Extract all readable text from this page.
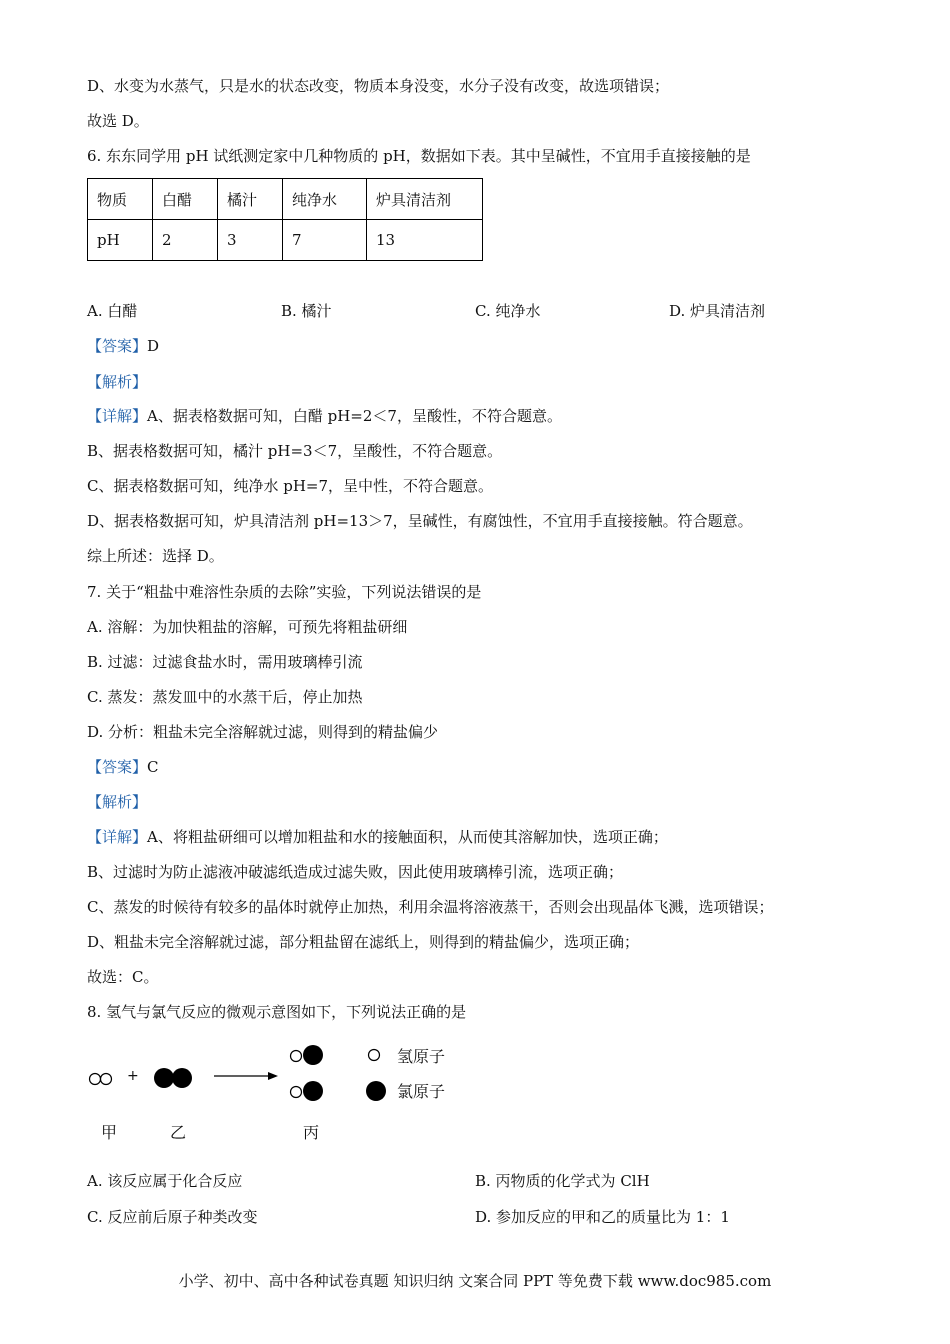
D、水变为水蒸气，只是水的状态改变，物质本身没变，水分子没有改变，故选项错误；
故选 D。
6. 东东同学用 pH 试纸测定家中几种物质的 pH，数据如下表。其中呈碱性，不宜用手直接接触的是
物质	白醋	橘汁	纯净水	炉具清洁剂
pH	2	3	7	13
A. 白醋	B. 橘汁	C. 纯净水	D. 炉具清洁剂
【答案】D
【解析】
【详解】A、据表格数据可知，白醋 pH=2＜7，呈酸性，不符合题意。
B、据表格数据可知，橘汁 pH=3＜7，呈酸性，不符合题意。
C、据表格数据可知，纯净水 pH=7，呈中性，不符合题意。
D、据表格数据可知，炉具清洁剂 pH=13＞7，呈碱性，有腐蚀性，不宜用手直接接触。符合题意。
综上所述：选择 D。
7. 关于“粗盐中难溶性杂质的去除”实验，下列说法错误的是
A. 溶解：为加快粗盐的溶解，可预先将粗盐研细
B. 过滤：过滤食盐水时，需用玻璃棒引流
C. 蒸发：蒸发皿中的水蒸干后，停止加热
D. 分析：粗盐未完全溶解就过滤，则得到的精盐偏少
【答案】C
【解析】
【详解】A、将粗盐研细可以增加粗盐和水的接触面积，从而使其溶解加快，选项正确；
B、过滤时为防止滤液冲破滤纸造成过滤失败，因此使用玻璃棒引流，选项正确；
C、蒸发的时候待有较多的晶体时就停止加热，利用余温将溶液蒸干，否则会出现晶体飞溅，选项错误；
D、粗盐未完全溶解就过滤，部分粗盐留在滤纸上，则得到的精盐偏少，选项正确；
故选：C。
8. 氢气与氯气反应的微观示意图如下，下列说法正确的是
+
氢原子
氯原子
甲	乙	丙
A. 该反应属于化合反应	B. 丙物质的化学式为 ClH
C. 反应前后原子种类改变	D. 参加反应的甲和乙的质量比为 1：1
小学、初中、高中各种试卷真题 知识归纳 文案合同 PPT 等免费下载 www.doc985.com
